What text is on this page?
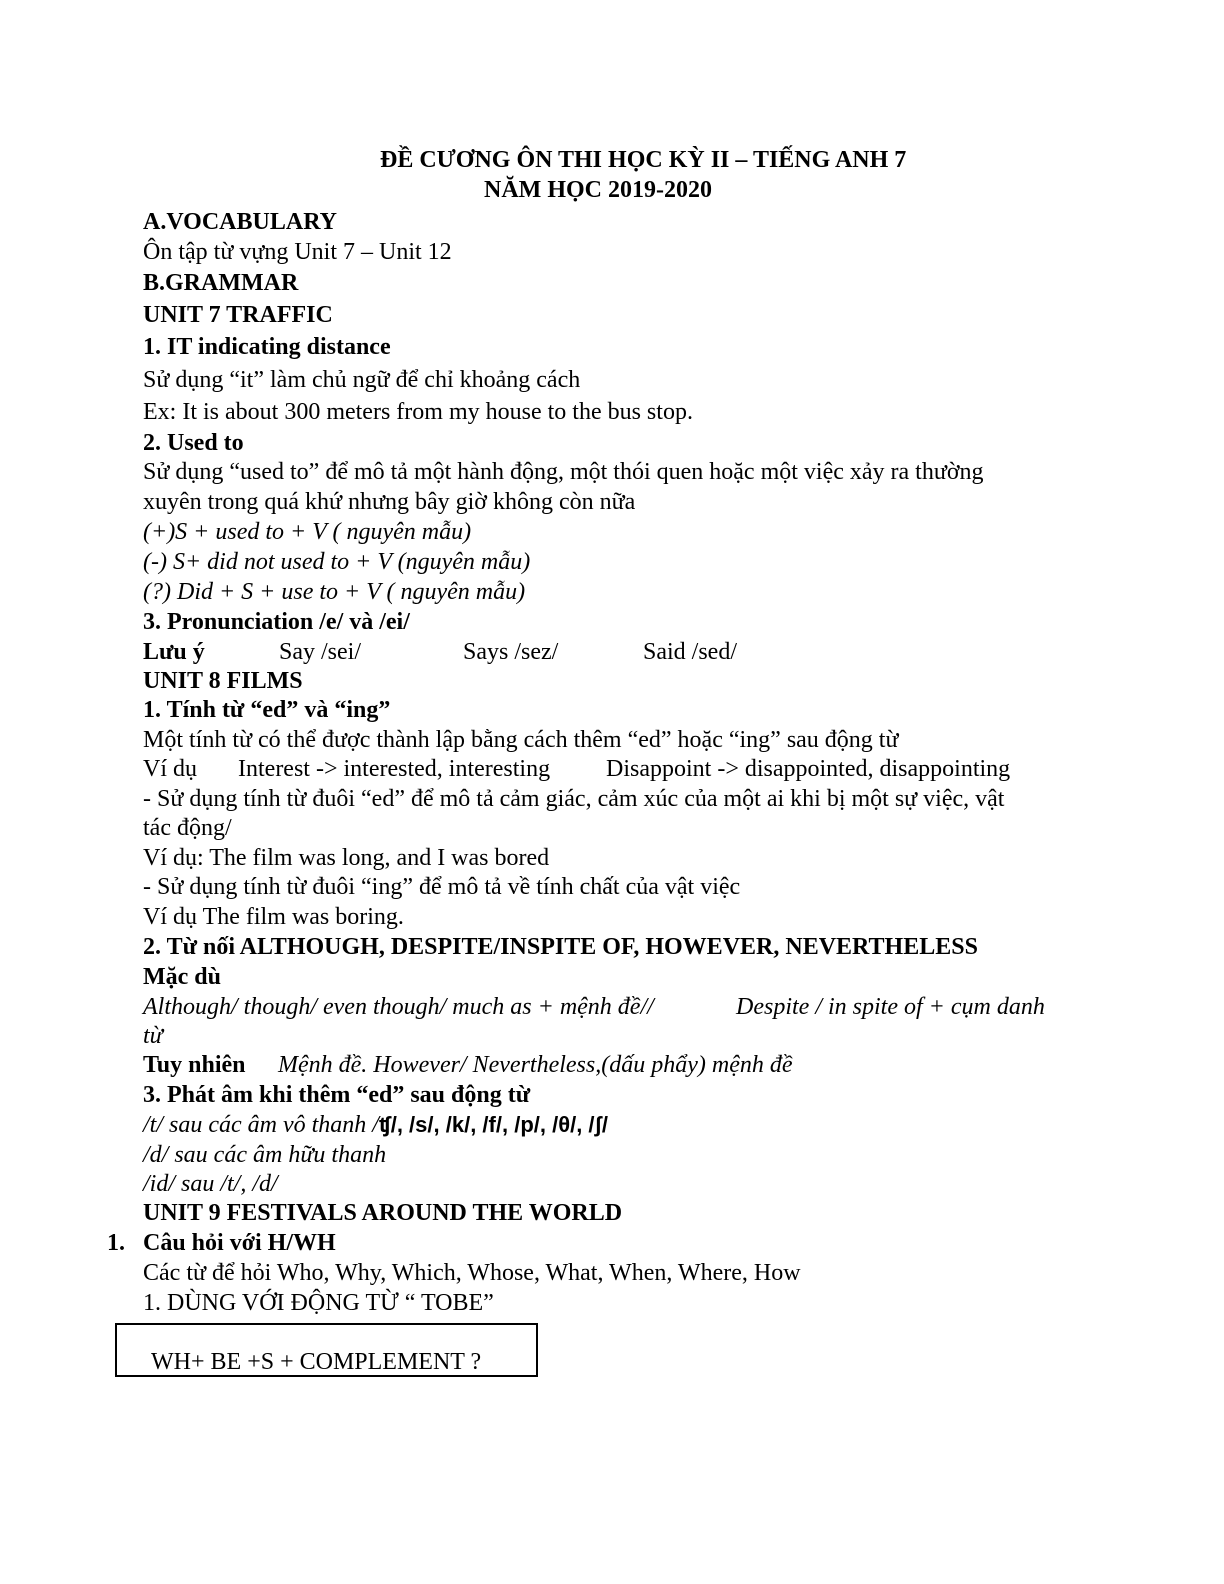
ĐỀ CƯƠNG ÔN THI HỌC KỲ II – TIẾNG ANH 7
NĂM HỌC 2019-2020
A.VOCABULARY
Ôn tập từ vựng Unit 7 – Unit 12
B.GRAMMAR
UNIT 7 TRAFFIC
1. IT indicating distance
Sử dụng “it” làm chủ ngữ để chỉ khoảng cách
Ex: It is about 300 meters from my house to the bus stop.
2. Used to
Sử dụng “used to” để mô tả một hành động, một thói quen hoặc một việc xảy ra thường
xuyên trong quá khứ nhưng bây giờ không còn nữa
(+)S + used to + V ( nguyên mẫu)
(-) S+ did not used to + V (nguyên mẫu)
(?) Did + S + use to + V ( nguyên mẫu)
3. Pronunciation /e/ và /ei/
Lưu ý	Say /sei/	Says /sez/	Said /sed/
UNIT 8 FILMS
1. Tính từ “ed” và “ing”
Một tính từ có thể được thành lập bằng cách thêm “ed” hoặc “ing” sau động từ
Ví dụ Interest -> interested, interesting Disappoint -> disappointed, disappointing
- Sử dụng tính từ đuôi “ed” để mô tả cảm giác, cảm xúc của một ai khi bị một sự việc, vật
tác động/
Ví dụ: The film was long, and I was bored
- Sử dụng tính từ đuôi “ing” để mô tả về tính chất của vật việc
Ví dụ The film was boring.
2. Từ nối ALTHOUGH, DESPITE/INSPITE OF, HOWEVER, NEVERTHELESS
Mặc dù
Although/ though/ even though/ much as + mệnh đề//	Despite / in spite of + cụm danh
từ
Tuy nhiên Mệnh đề. However/ Nevertheless,(dấu phẩy) mệnh đề
3. Phát âm khi thêm “ed” sau động từ
/t/ sau các âm vô thanh /ʧ/, /s/, /k/, /f/, /p/, /θ/, /ʃ/
/d/ sau các âm hữu thanh
/id/ sau /t/, /d/
UNIT 9 FESTIVALS AROUND THE WORLD
1. Câu hỏi với H/WH
Các từ để hỏi Who, Why, Which, Whose, What, When, Where, How
1. DÙNG VỚI ĐỘNG TỪ “ TOBE”
WH+ BE +S + COMPLEMENT ?
